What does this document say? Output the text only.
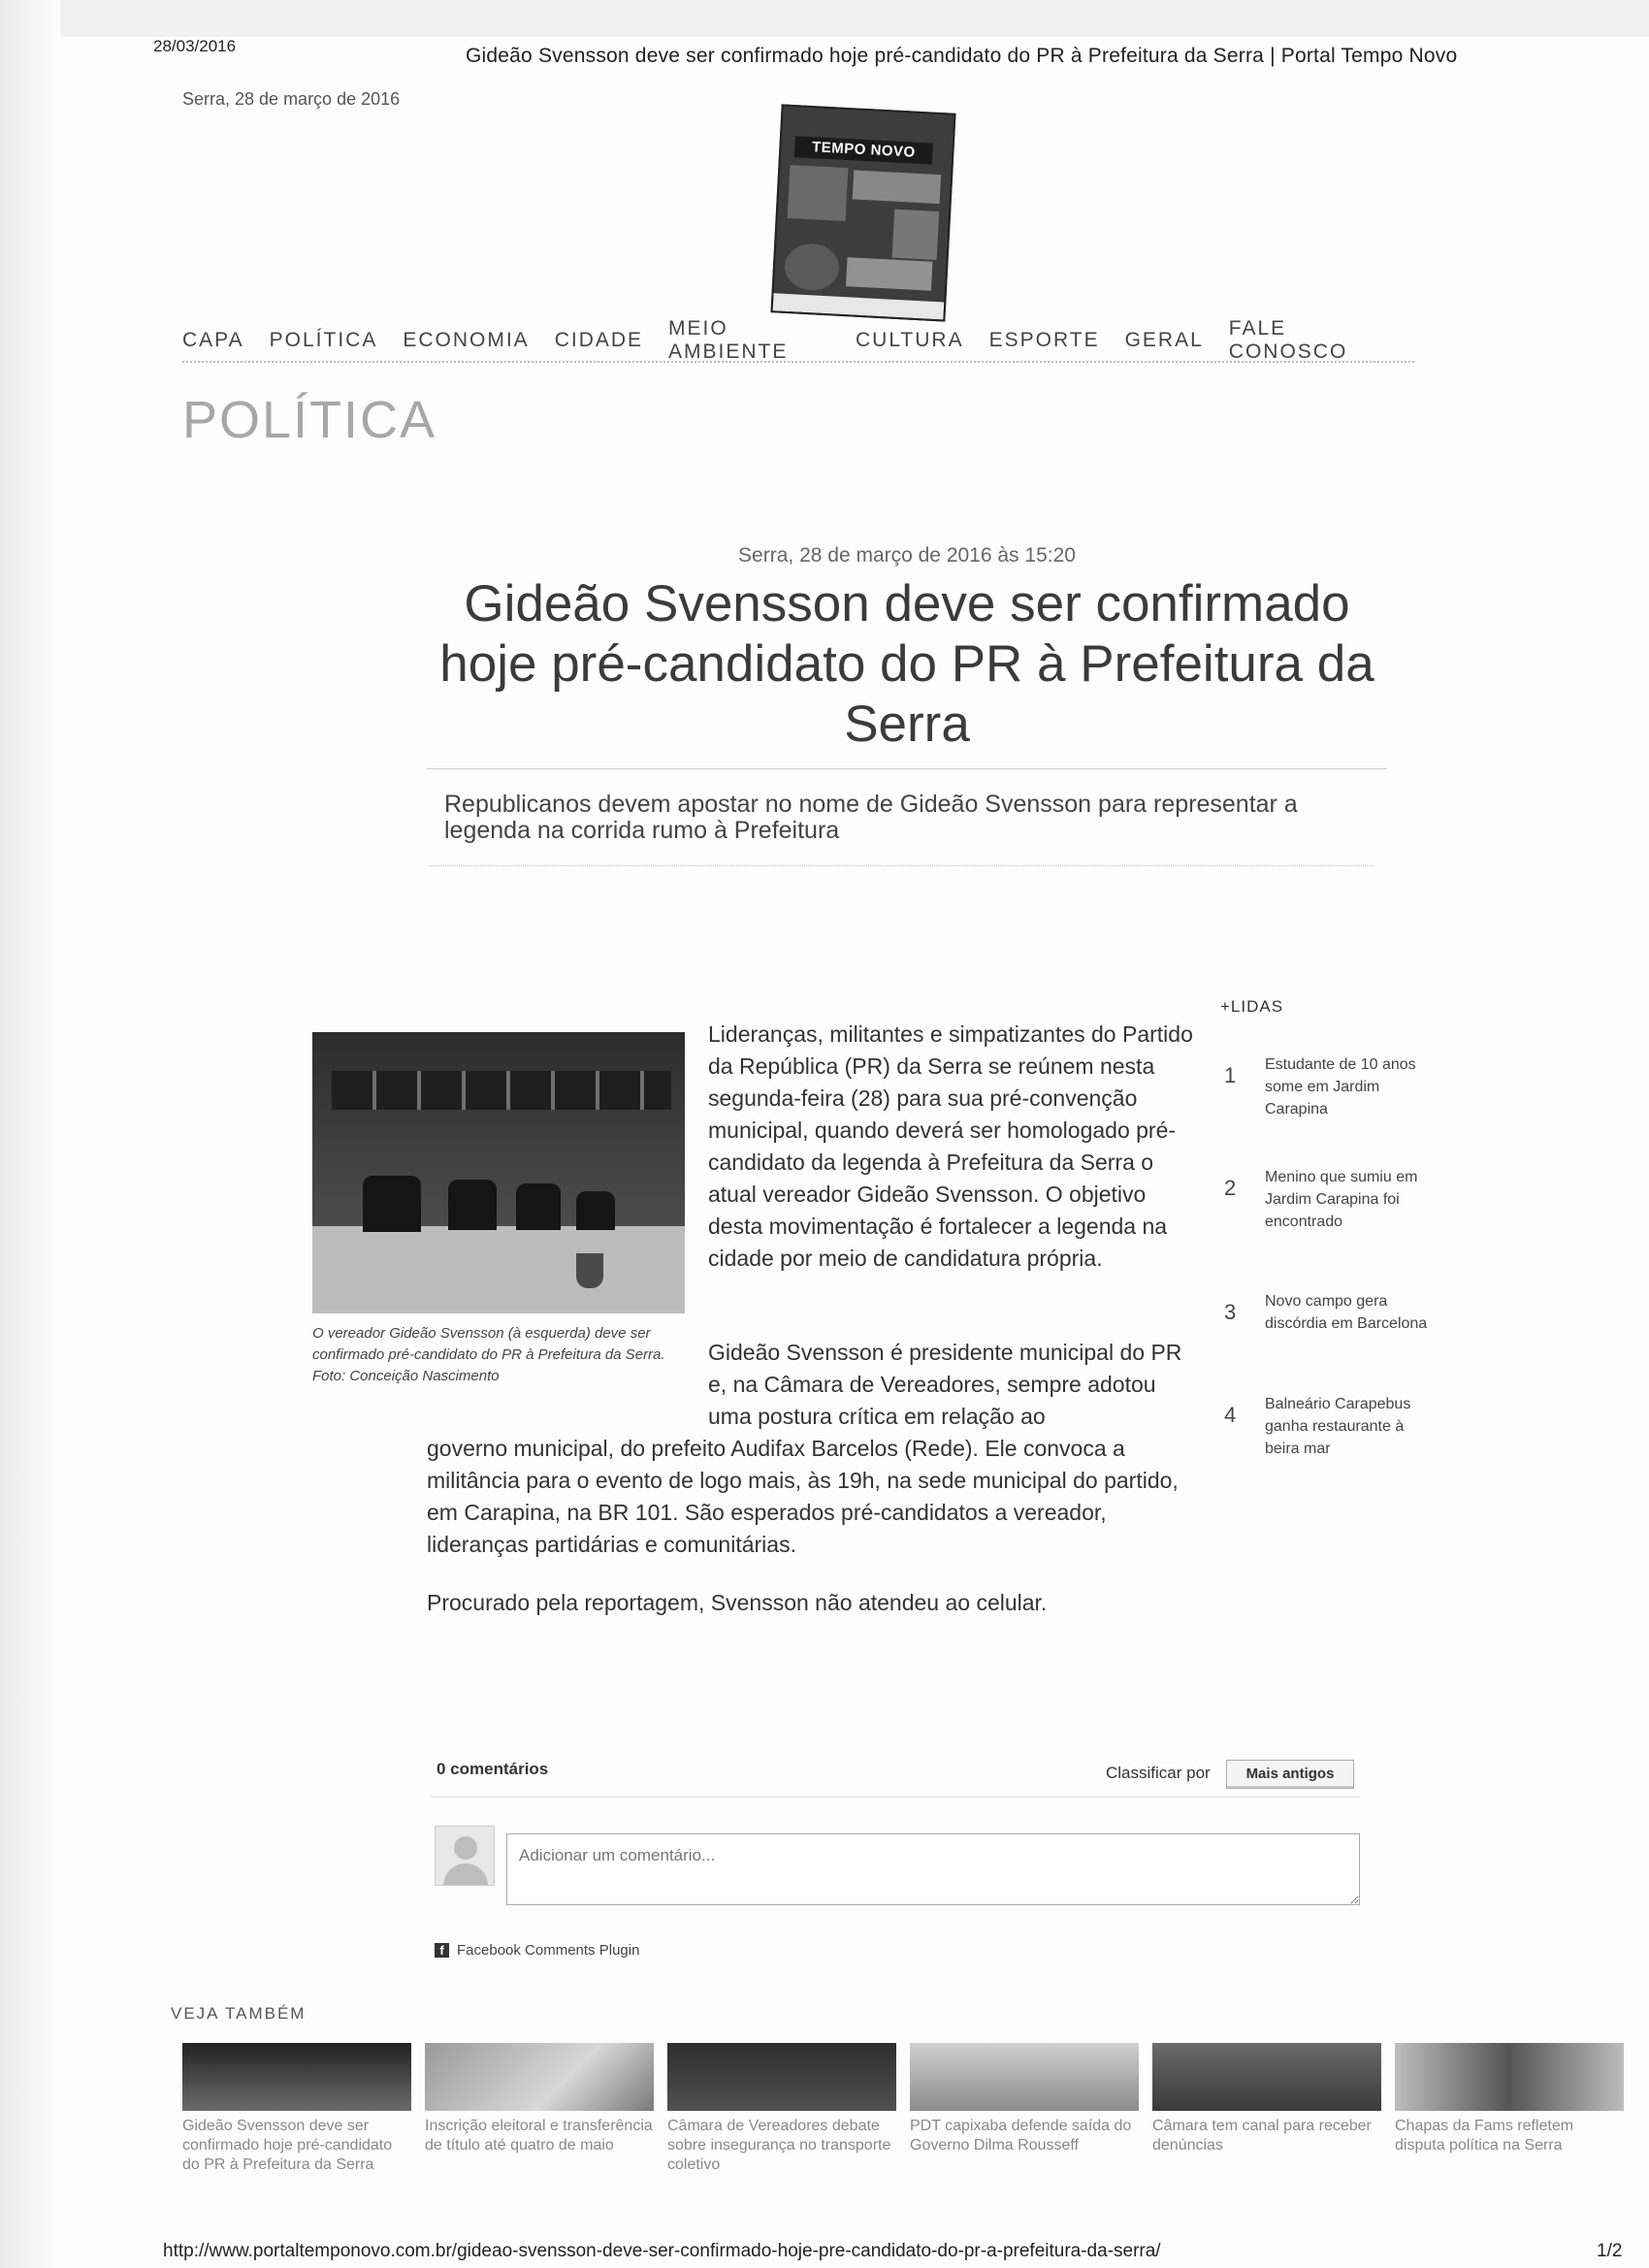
28/03/2016	Gideão Svensson deve ser confirmado hoje pré-candidato do PR à Prefeitura da Serra | Portal Tempo Novo
Serra, 28 de março de 2016
TEMPO NOVO
CAPA POLÍTICA ECONOMIA CIDADE
MEIO AMBIENTE
CULTURA ESPORTE GERAL
FALE CONOSCO
POLÍTICA
Serra, 28 de março de 2016 às 15:20
Gideão Svensson deve ser confirmado hoje pré-candidato do PR à Prefeitura da Serra
Republicanos devem apostar no nome de Gideão Svensson para representar a legenda na corrida rumo à Prefeitura
O vereador Gideão Svensson (à esquerda) deve ser confirmado pré-candidato do PR à Prefeitura da Serra. Foto: Conceição Nascimento
Lideranças, militantes e simpatizantes do Partido da República (PR) da Serra se reúnem nesta segunda-feira (28) para sua pré-convenção municipal, quando deverá ser homologado pré-candidato da legenda à Prefeitura da Serra o atual vereador Gideão Svensson. O objetivo desta movimentação é fortalecer a legenda na cidade por meio de candidatura própria.
Gideão Svensson é presidente municipal do PR e, na Câmara de Vereadores, sempre adotou uma postura crítica em relação ao
governo municipal, do prefeito Audifax Barcelos (Rede). Ele convoca a militância para o evento de logo mais, às 19h, na sede municipal do partido, em Carapina, na BR 101. São esperados pré-candidatos a vereador, lideranças partidárias e comunitárias.
Procurado pela reportagem, Svensson não atendeu ao celular.
+LIDAS
1	Estudante de 10 anos some em Jardim Carapina
2	Menino que sumiu em Jardim Carapina foi encontrado
3	Novo campo gera discórdia em Barcelona
4	Balneário Carapebus ganha restaurante à beira mar
0 comentários	Classificar por	Mais antigos
Adicionar um comentário...
f Facebook Comments Plugin
VEJA TAMBÉM
Gideão Svensson deve ser confirmado hoje pré-candidato do PR à Prefeitura da Serra
Inscrição eleitoral e transferência de título até quatro de maio
Câmara de Vereadores debate sobre insegurança no transporte coletivo
PDT capixaba defende saída do Governo Dilma Rousseff
Câmara tem canal para receber denúncias
Chapas da Fams refletem disputa política na Serra
http://www.portaltemponovo.com.br/gideao-svensson-deve-ser-confirmado-hoje-pre-candidato-do-pr-a-prefeitura-da-serra/	1/2
